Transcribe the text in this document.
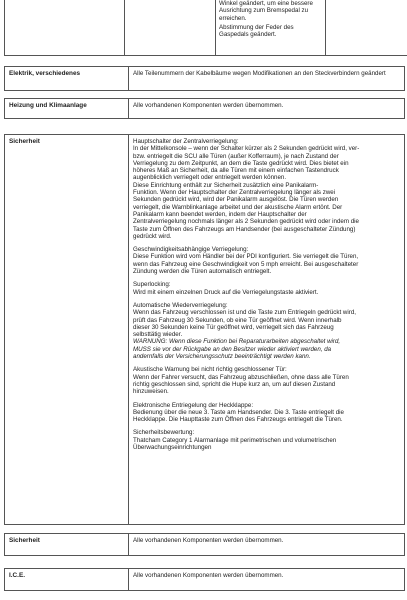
Winkel geändert, um eine bessere Ausrichtung zum Bremspedal zu erreichen.

Abstimmung der Feder des Gaspedals geändert.

Elektrik, verschiedenes	Alle Teilenummern der Kabelbäume wegen Modifikationen an den Steckverbindern geändert
Heizung und Klimaanlage	Alle vorhandenen Komponenten werden übernommen.
Sicherheit	Hauptschalter der Zentralverriegelung:
In der Mittelkonsole – wenn der Schalter kürzer als 2 Sekunden gedrückt wird, ver-
bzw. entriegelt die SCU alle Türen (außer Kofferraum), je nach Zustand der
Verriegelung zu dem Zeitpunkt, an dem die Taste gedrückt wird. Dies bietet ein
höheres Maß an Sicherheit, da alle Türen mit einem einfachen Tastendruck
augenblicklich verriegelt oder entriegelt werden können.
Diese Einrichtung enthält zur Sicherheit zusätzlich eine Panikalarm-
Funktion. Wenn der Hauptschalter der Zentralverriegelung länger als zwei
Sekunden gedrückt wird, wird der Panikalarm ausgelöst. Die Türen werden
verriegelt, die Warnblinkanlage arbeitet und der akustische Alarm ertönt. Der
Panikalarm kann beendet werden, indem der Hauptschalter der
Zentralverriegelung nochmals länger als 2 Sekunden gedrückt wird oder indem die
Taste zum Öffnen des Fahrzeugs am Handsender (bei ausgeschalteter Zündung)
gedrückt wird.

Geschwindigkeitsabhängige Verriegelung:
Diese Funktion wird vom Händler bei der PDI konfiguriert. Sie verriegelt die Türen,
wenn das Fahrzeug eine Geschwindigkeit von 5 mph erreicht. Bei ausgeschalteter
Zündung werden die Türen automatisch entriegelt.

Superlocking:
Wird mit einem einzelnen Druck auf die Verriegelungstaste aktiviert.

Automatische Wiederverriegelung:
Wenn das Fahrzeug verschlossen ist und die Taste zum Entriegeln gedrückt wird,
prüft das Fahrzeug 30 Sekunden, ob eine Tür geöffnet wird. Wenn innerhalb
dieser 30 Sekunden keine Tür geöffnet wird, verriegelt sich das Fahrzeug
selbsttätig wieder.

WARNUNG: Wenn diese Funktion bei Reparaturarbeiten abgeschaltet wird,
MUSS sie vor der Rückgabe an den Besitzer wieder aktiviert werden, da
andernfalls der Versicherungsschutz beeinträchtigt werden kann.

Akustische Warnung bei nicht richtig geschlossener Tür:
Wenn der Fahrer versucht, das Fahrzeug abzuschließen, ohne dass alle Türen
richtig geschlossen sind, spricht die Hupe kurz an, um auf diesen Zustand
hinzuweisen.

Elektronische Entriegelung der Heckklappe:
Bedienung über die neue 3. Taste am Handsender. Die 3. Taste entriegelt die
Heckklappe. Die Haupttaste zum Öffnen des Fahrzeugs entriegelt die Türen.

Sicherheitsbewertung:
Thatcham Category 1 Alarmanlage mit perimetrischen und volumetrischen
Überwachungseinrichtungen

Sicherheit	Alle vorhandenen Komponenten werden übernommen.
I.C.E.	Alle vorhandenen Komponenten werden übernommen.
